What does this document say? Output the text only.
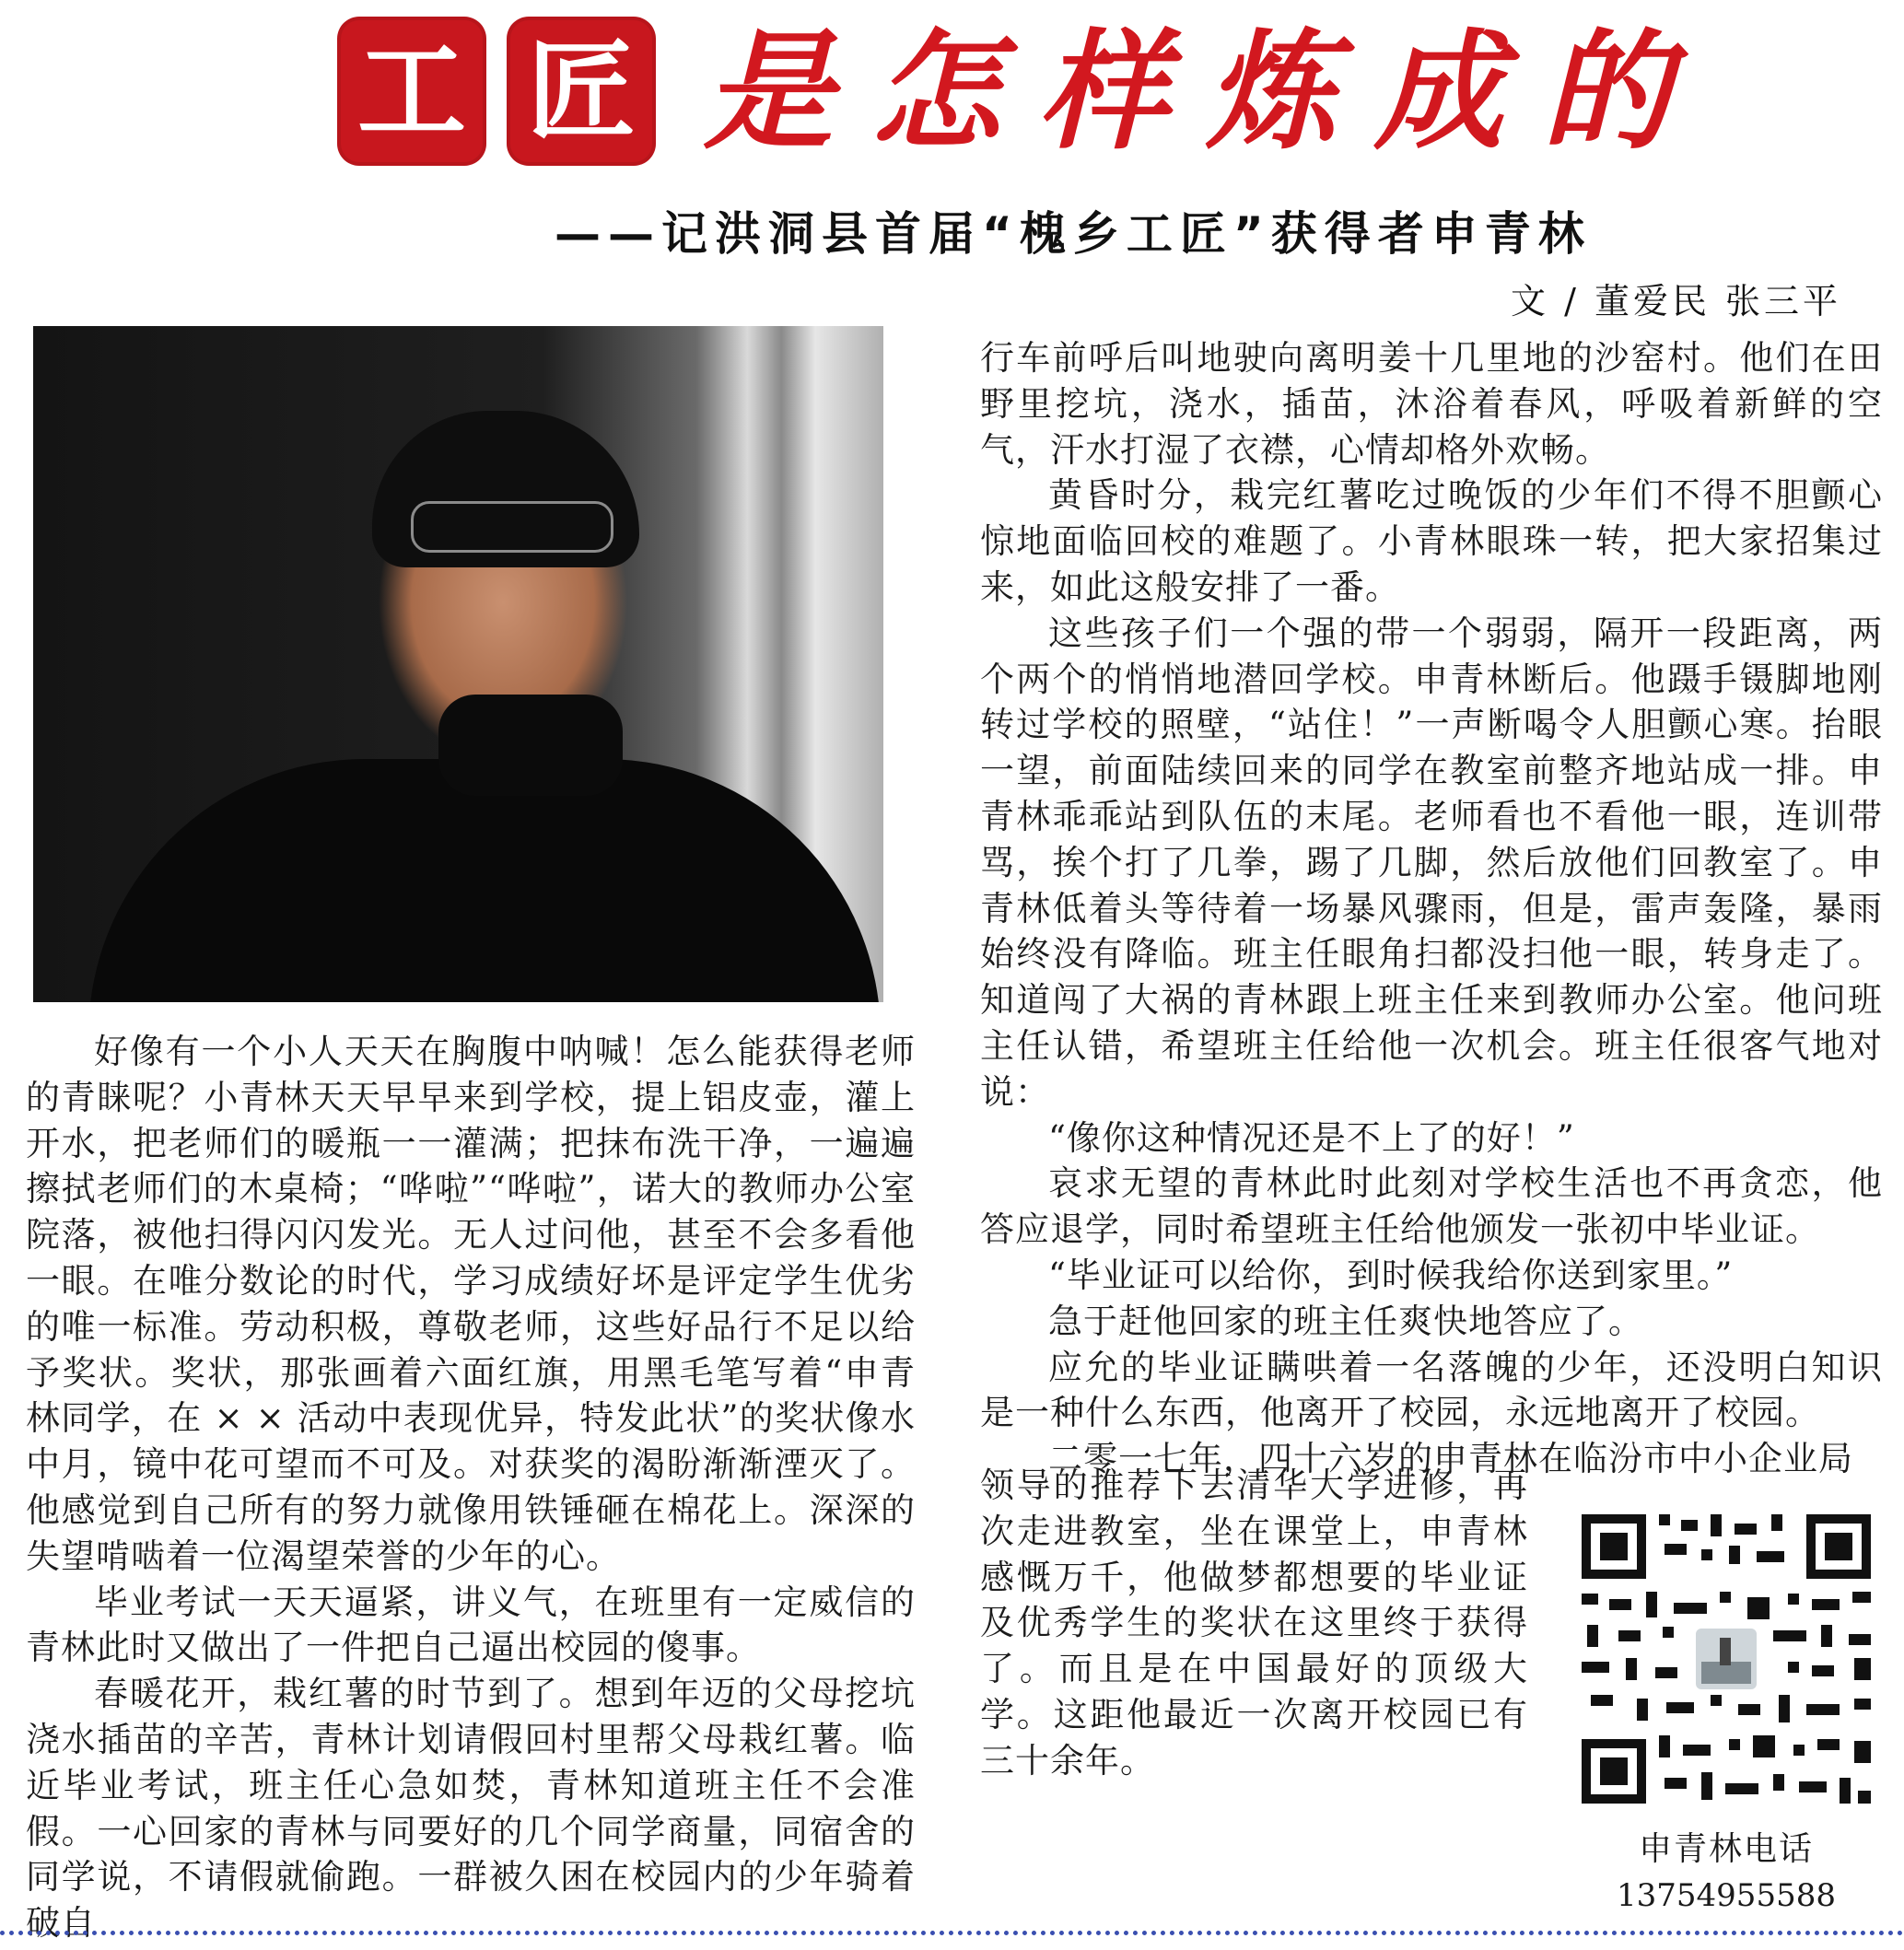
工 匠 是怎样炼成的
——记洪洞县首届“槐乡工匠”获得者申青林
文 / 董爱民 张三平

好像有一个小人天天在胸腹中呐喊！怎么能获得老师的青睐呢？小青林天天早早来到学校，提上铝皮壶，灌上开水，把老师们的暖瓶一一灌满；把抹布洗干净，一遍遍擦拭老师们的木桌椅；“哗啦”“哗啦”，诺大的教师办公室院落，被他扫得闪闪发光。无人过问他，甚至不会多看他一眼。在唯分数论的时代，学习成绩好坏是评定学生优劣的唯一标准。劳动积极，尊敬老师，这些好品行不足以给予奖状。奖状，那张画着六面红旗，用黑毛笔写着“申青林同学，在 × × 活动中表现优异，特发此状”的奖状像水中月，镜中花可望而不可及。对获奖的渴盼渐渐湮灭了。他感觉到自己所有的努力就像用铁锤砸在棉花上。深深的失望啃啮着一位渴望荣誉的少年的心。

毕业考试一天天逼紧，讲义气，在班里有一定威信的青林此时又做出了一件把自己逼出校园的傻事。

春暖花开，栽红薯的时节到了。想到年迈的父母挖坑浇水插苗的辛苦，青林计划请假回村里帮父母栽红薯。临近毕业考试，班主任心急如焚，青林知道班主任不会准假。一心回家的青林与同要好的几个同学商量，同宿舍的同学说，不请假就偷跑。一群被久困在校园内的少年骑着破自

行车前呼后叫地驶向离明姜十几里地的沙窑村。他们在田野里挖坑，浇水，插苗，沐浴着春风，呼吸着新鲜的空气，汗水打湿了衣襟，心情却格外欢畅。

黄昏时分，栽完红薯吃过晚饭的少年们不得不胆颤心惊地面临回校的难题了。小青林眼珠一转，把大家招集过来，如此这般安排了一番。

这些孩子们一个强的带一个弱弱，隔开一段距离，两个两个的悄悄地潜回学校。申青林断后。他蹑手镊脚地刚转过学校的照壁，“站住！”一声断喝令人胆颤心寒。抬眼一望，前面陆续回来的同学在教室前整齐地站成一排。申青林乖乖站到队伍的末尾。老师看也不看他一眼，连训带骂，挨个打了几拳，踢了几脚，然后放他们回教室了。申青林低着头等待着一场暴风骤雨，但是，雷声轰隆，暴雨始终没有降临。班主任眼角扫都没扫他一眼，转身走了。知道闯了大祸的青林跟上班主任来到教师办公室。他问班主任认错，希望班主任给他一次机会。班主任很客气地对说：

“像你这种情况还是不上了的好！”

哀求无望的青林此时此刻对学校生活也不再贪恋，他答应退学，同时希望班主任给他颁发一张初中毕业证。

“毕业证可以给你，到时候我给你送到家里。”

急于赶他回家的班主任爽快地答应了。

应允的毕业证瞒哄着一名落魄的少年，还没明白知识是一种什么东西，他离开了校园，永远地离开了校园。

二零一七年，四十六岁的申青林在临汾市中小企业局

领导的推荐下去清华大学进修，再次走进教室，坐在课堂上，申青林感慨万千，他做梦都想要的毕业证及优秀学生的奖状在这里终于获得了。而且是在中国最好的顶级大学。这距他最近一次离开校园已有三十余年。

申青林电话
13754955588
